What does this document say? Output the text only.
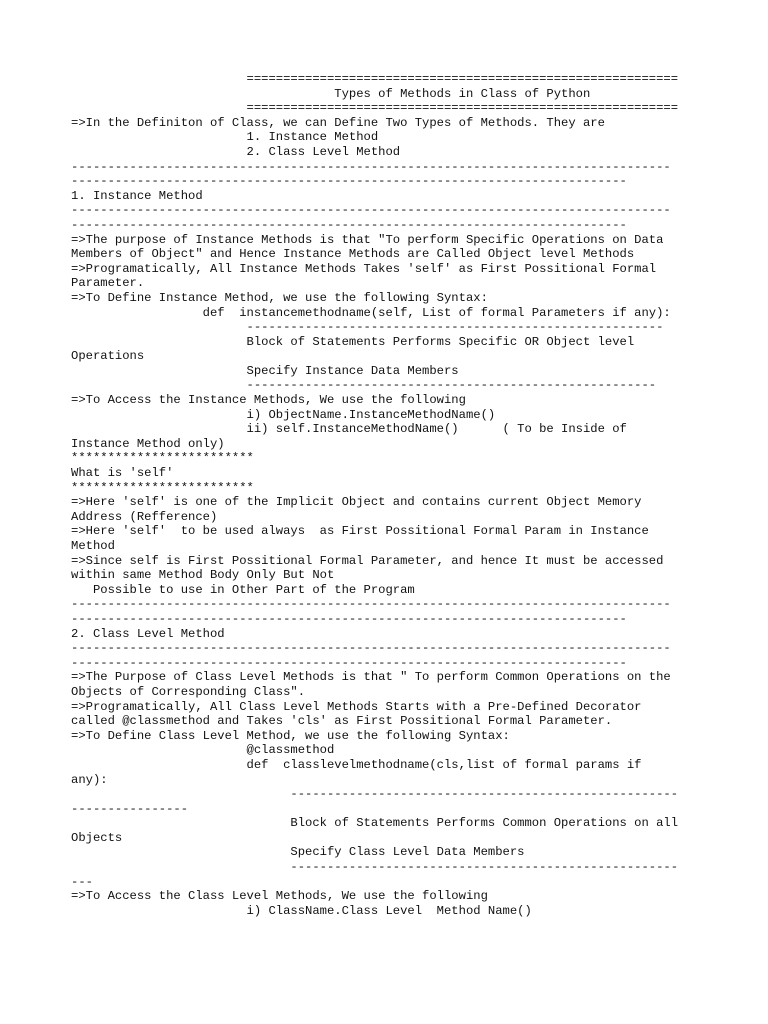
===========================================================
Types of Methods in Class of Python
===========================================================
=>In the Definiton of Class, we can Define Two Types of Methods. They are
1. Instance Method
2. Class Level Method
----------------------------------------------------------------------------------
----------------------------------------------------------------------------
1. Instance Method
----------------------------------------------------------------------------------
----------------------------------------------------------------------------
=>The purpose of Instance Methods is that "To perform Specific Operations on Data
Members of Object" and Hence Instance Methods are Called Object level Methods
=>Programatically, All Instance Methods Takes 'self' as First Possitional Formal
Parameter.
=>To Define Instance Method, we use the following Syntax:
def  instancemethodname(self, List of formal Parameters if any):
---------------------------------------------------------
Block of Statements Performs Specific OR Object level
Operations
Specify Instance Data Members
--------------------------------------------------------
=>To Access the Instance Methods, We use the following
i) ObjectName.InstanceMethodName()
ii) self.InstanceMethodName()      ( To be Inside of
Instance Method only)
*************************
What is 'self'
*************************
=>Here 'self' is one of the Implicit Object and contains current Object Memory
Address (Refference)
=>Here 'self'  to be used always  as First Possitional Formal Param in Instance
Method
=>Since self is First Possitional Formal Parameter, and hence It must be accessed
within same Method Body Only But Not
Possible to use in Other Part of the Program
----------------------------------------------------------------------------------
----------------------------------------------------------------------------
2. Class Level Method
----------------------------------------------------------------------------------
----------------------------------------------------------------------------
=>The Purpose of Class Level Methods is that " To perform Common Operations on the
Objects of Corresponding Class".
=>Programatically, All Class Level Methods Starts with a Pre-Defined Decorator
called @classmethod and Takes 'cls' as First Possitional Formal Parameter.
=>To Define Class Level Method, we use the following Syntax:
@classmethod
def  classlevelmethodname(cls,list of formal params if
any):
-----------------------------------------------------
----------------
Block of Statements Performs Common Operations on all
Objects
Specify Class Level Data Members
-----------------------------------------------------
---
=>To Access the Class Level Methods, We use the following
i) ClassName.Class Level  Method Name()
